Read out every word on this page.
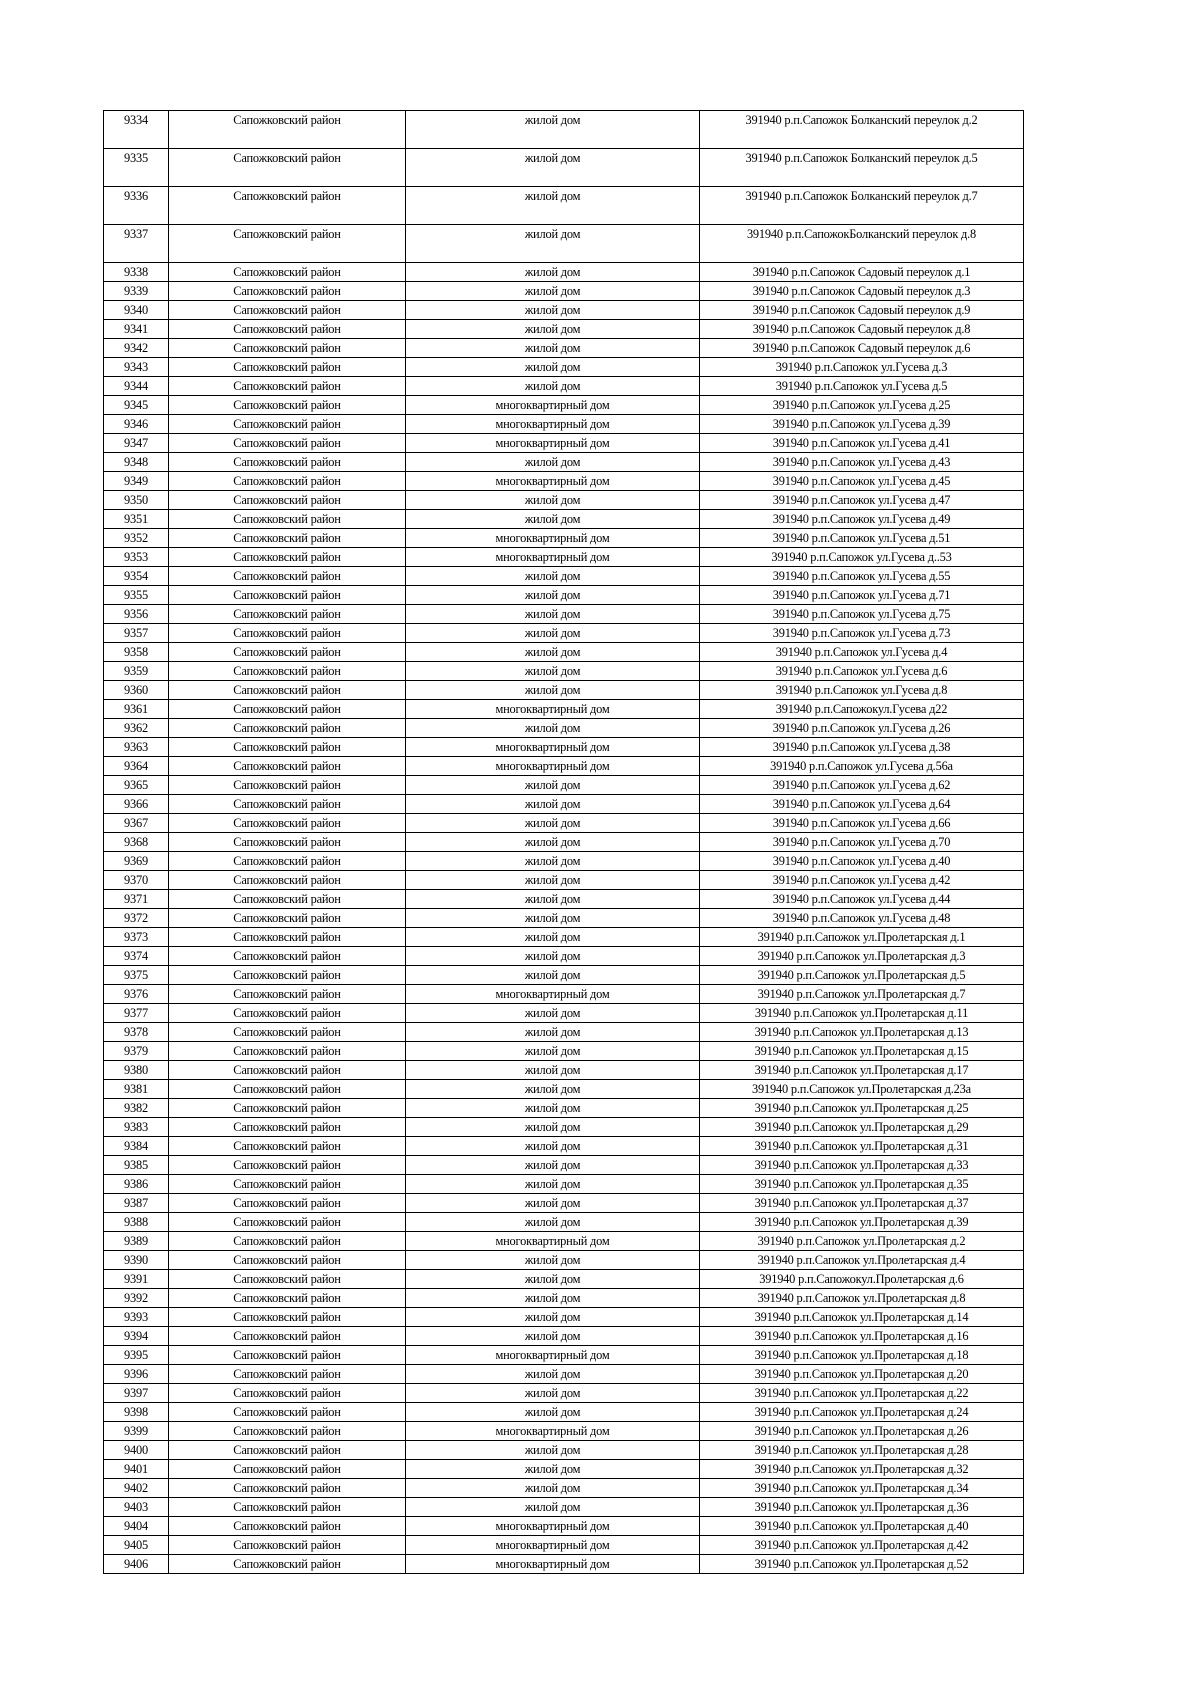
9334	Сапожковский район	жилой дом	391940 р.п.Сапожок Болканский переулок д.2
9335	Сапожковский район	жилой дом	391940 р.п.Сапожок Болканский переулок д.5
9336	Сапожковский район	жилой дом	391940 р.п.Сапожок Болканский переулок д.7
9337	Сапожковский район	жилой дом	391940 р.п.СапожокБолканский переулок д.8
9338	Сапожковский район	жилой дом	391940 р.п.Сапожок Садовый переулок д.1
9339	Сапожковский район	жилой дом	391940 р.п.Сапожок Садовый переулок д.3
9340	Сапожковский район	жилой дом	391940 р.п.Сапожок Садовый переулок д.9
9341	Сапожковский район	жилой дом	391940 р.п.Сапожок Садовый переулок д.8
9342	Сапожковский район	жилой дом	391940 р.п.Сапожок Садовый переулок д.6
9343	Сапожковский район	жилой дом	391940 р.п.Сапожок ул.Гусева д.3
9344	Сапожковский район	жилой дом	391940 р.п.Сапожок ул.Гусева д.5
9345	Сапожковский район	многоквартирный дом	391940 р.п.Сапожок ул.Гусева д.25
9346	Сапожковский район	многоквартирный дом	391940 р.п.Сапожок ул.Гусева д.39
9347	Сапожковский район	многоквартирный дом	391940 р.п.Сапожок ул.Гусева д.41
9348	Сапожковский район	жилой дом	391940 р.п.Сапожок ул.Гусева д.43
9349	Сапожковский район	многоквартирный дом	391940 р.п.Сапожок ул.Гусева д.45
9350	Сапожковский район	жилой дом	391940 р.п.Сапожок ул.Гусева д.47
9351	Сапожковский район	жилой дом	391940 р.п.Сапожок ул.Гусева д.49
9352	Сапожковский район	многоквартирный дом	391940 р.п.Сапожок ул.Гусева д.51
9353	Сапожковский район	многоквартирный дом	391940 р.п.Сапожок ул.Гусева д..53
9354	Сапожковский район	жилой дом	391940 р.п.Сапожок ул.Гусева д.55
9355	Сапожковский район	жилой дом	391940 р.п.Сапожок ул.Гусева д.71
9356	Сапожковский район	жилой дом	391940 р.п.Сапожок ул.Гусева д.75
9357	Сапожковский район	жилой дом	391940 р.п.Сапожок ул.Гусева д.73
9358	Сапожковский район	жилой дом	391940 р.п.Сапожок ул.Гусева д.4
9359	Сапожковский район	жилой дом	391940 р.п.Сапожок ул.Гусева д.6
9360	Сапожковский район	жилой дом	391940 р.п.Сапожок ул.Гусева д.8
9361	Сапожковский район	многоквартирный дом	391940 р.п.Сапожокул.Гусева д22
9362	Сапожковский район	жилой дом	391940 р.п.Сапожок ул.Гусева д.26
9363	Сапожковский район	многоквартирный дом	391940 р.п.Сапожок ул.Гусева д.38
9364	Сапожковский район	многоквартирный дом	391940 р.п.Сапожок ул.Гусева д.56а
9365	Сапожковский район	жилой дом	391940 р.п.Сапожок ул.Гусева д.62
9366	Сапожковский район	жилой дом	391940 р.п.Сапожок ул.Гусева д.64
9367	Сапожковский район	жилой дом	391940 р.п.Сапожок ул.Гусева д.66
9368	Сапожковский район	жилой дом	391940 р.п.Сапожок ул.Гусева д.70
9369	Сапожковский район	жилой дом	391940 р.п.Сапожок ул.Гусева д.40
9370	Сапожковский район	жилой дом	391940 р.п.Сапожок ул.Гусева д.42
9371	Сапожковский район	жилой дом	391940 р.п.Сапожок ул.Гусева д.44
9372	Сапожковский район	жилой дом	391940 р.п.Сапожок ул.Гусева д.48
9373	Сапожковский район	жилой дом	391940 р.п.Сапожок ул.Пролетарская д.1
9374	Сапожковский район	жилой дом	391940 р.п.Сапожок ул.Пролетарская д.3
9375	Сапожковский район	жилой дом	391940 р.п.Сапожок ул.Пролетарская д.5
9376	Сапожковский район	многоквартирный дом	391940 р.п.Сапожок ул.Пролетарская д.7
9377	Сапожковский район	жилой дом	391940 р.п.Сапожок ул.Пролетарская д.11
9378	Сапожковский район	жилой дом	391940 р.п.Сапожок ул.Пролетарская д.13
9379	Сапожковский район	жилой дом	391940 р.п.Сапожок ул.Пролетарская д.15
9380	Сапожковский район	жилой дом	391940 р.п.Сапожок ул.Пролетарская д.17
9381	Сапожковский район	жилой дом	391940 р.п.Сапожок ул.Пролетарская д.23а
9382	Сапожковский район	жилой дом	391940 р.п.Сапожок ул.Пролетарская д.25
9383	Сапожковский район	жилой дом	391940 р.п.Сапожок ул.Пролетарская д.29
9384	Сапожковский район	жилой дом	391940 р.п.Сапожок ул.Пролетарская д.31
9385	Сапожковский район	жилой дом	391940 р.п.Сапожок ул.Пролетарская д.33
9386	Сапожковский район	жилой дом	391940 р.п.Сапожок ул.Пролетарская д.35
9387	Сапожковский район	жилой дом	391940 р.п.Сапожок ул.Пролетарская д.37
9388	Сапожковский район	жилой дом	391940 р.п.Сапожок ул.Пролетарская д.39
9389	Сапожковский район	многоквартирный дом	391940 р.п.Сапожок ул.Пролетарская д.2
9390	Сапожковский район	жилой дом	391940 р.п.Сапожок ул.Пролетарская д.4
9391	Сапожковский район	жилой дом	391940 р.п.Сапожокул.Пролетарская д.6
9392	Сапожковский район	жилой дом	391940 р.п.Сапожок ул.Пролетарская д.8
9393	Сапожковский район	жилой дом	391940 р.п.Сапожок ул.Пролетарская д.14
9394	Сапожковский район	жилой дом	391940 р.п.Сапожок ул.Пролетарская д.16
9395	Сапожковский район	многоквартирный дом	391940 р.п.Сапожок ул.Пролетарская д.18
9396	Сапожковский район	жилой дом	391940 р.п.Сапожок ул.Пролетарская д.20
9397	Сапожковский район	жилой дом	391940 р.п.Сапожок ул.Пролетарская д.22
9398	Сапожковский район	жилой дом	391940 р.п.Сапожок ул.Пролетарская д.24
9399	Сапожковский район	многоквартирный дом	391940 р.п.Сапожок ул.Пролетарская д.26
9400	Сапожковский район	жилой дом	391940 р.п.Сапожок ул.Пролетарская д.28
9401	Сапожковский район	жилой дом	391940 р.п.Сапожок ул.Пролетарская д.32
9402	Сапожковский район	жилой дом	391940 р.п.Сапожок ул.Пролетарская д.34
9403	Сапожковский район	жилой дом	391940 р.п.Сапожок ул.Пролетарская д.36
9404	Сапожковский район	многоквартирный дом	391940 р.п.Сапожок ул.Пролетарская д.40
9405	Сапожковский район	многоквартирный дом	391940 р.п.Сапожок ул.Пролетарская д.42
9406	Сапожковский район	многоквартирный дом	391940 р.п.Сапожок ул.Пролетарская д.52
